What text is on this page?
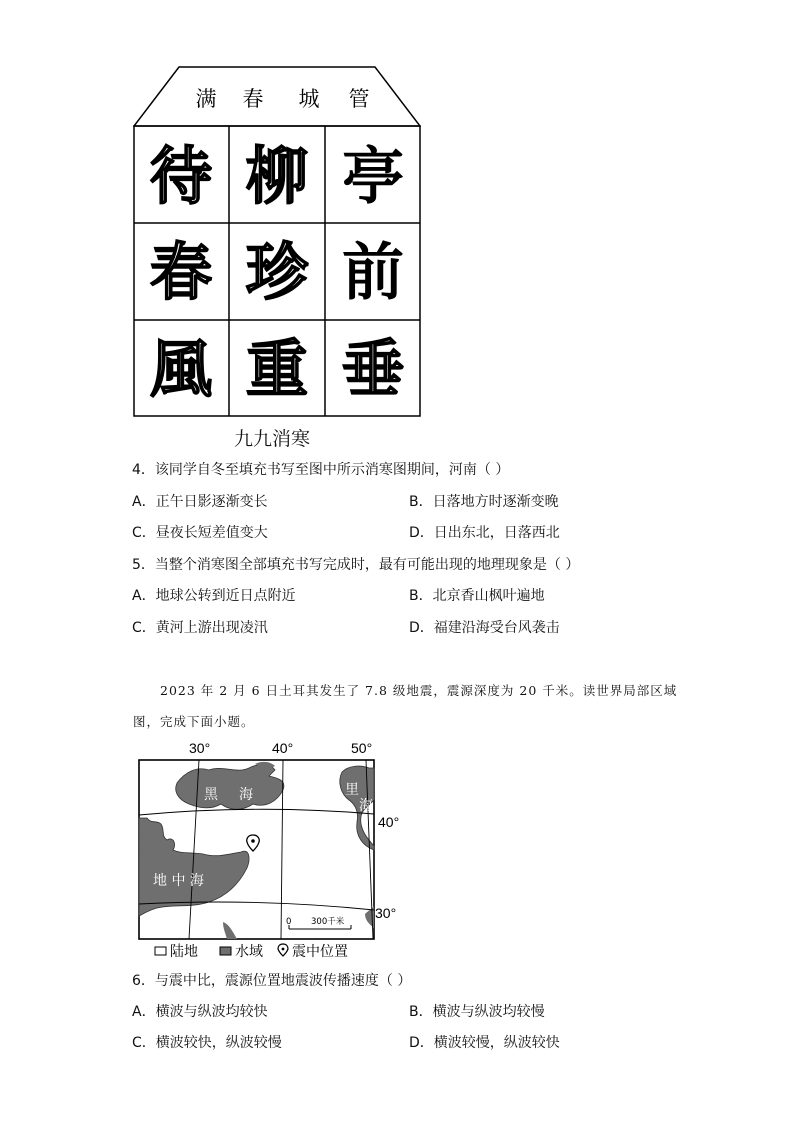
满 春 城 管
待 柳 亭
春 珍 前
風 重 垂
九九消寒
4．该同学自冬至填充书写至图中所示消寒图期间，河南（ ）
A．正午日影逐渐变长	B．日落地方时逐渐变晚
C．昼夜长短差值变大	D．日出东北，日落西北
5．当整个消寒图全部填充书写完成时，最有可能出现的地理现象是（ ）
A．地球公转到近日点附近	B．北京香山枫叶遍地
C．黄河上游出现凌汛	D．福建沿海受台风袭击
2023 年 2 月 6 日土耳其发生了 7.8 级地震，震源深度为 20 千米。读世界局部区域
图，完成下面小题。
30°	40°	50°
黑 海	里
海
地 中 海
40°
30°
0 300千米
陆地	水域 震中位置
6．与震中比，震源位置地震波传播速度（ ）
A．横波与纵波均较快	B．横波与纵波均较慢
C．横波较快，纵波较慢	D．横波较慢，纵波较快
